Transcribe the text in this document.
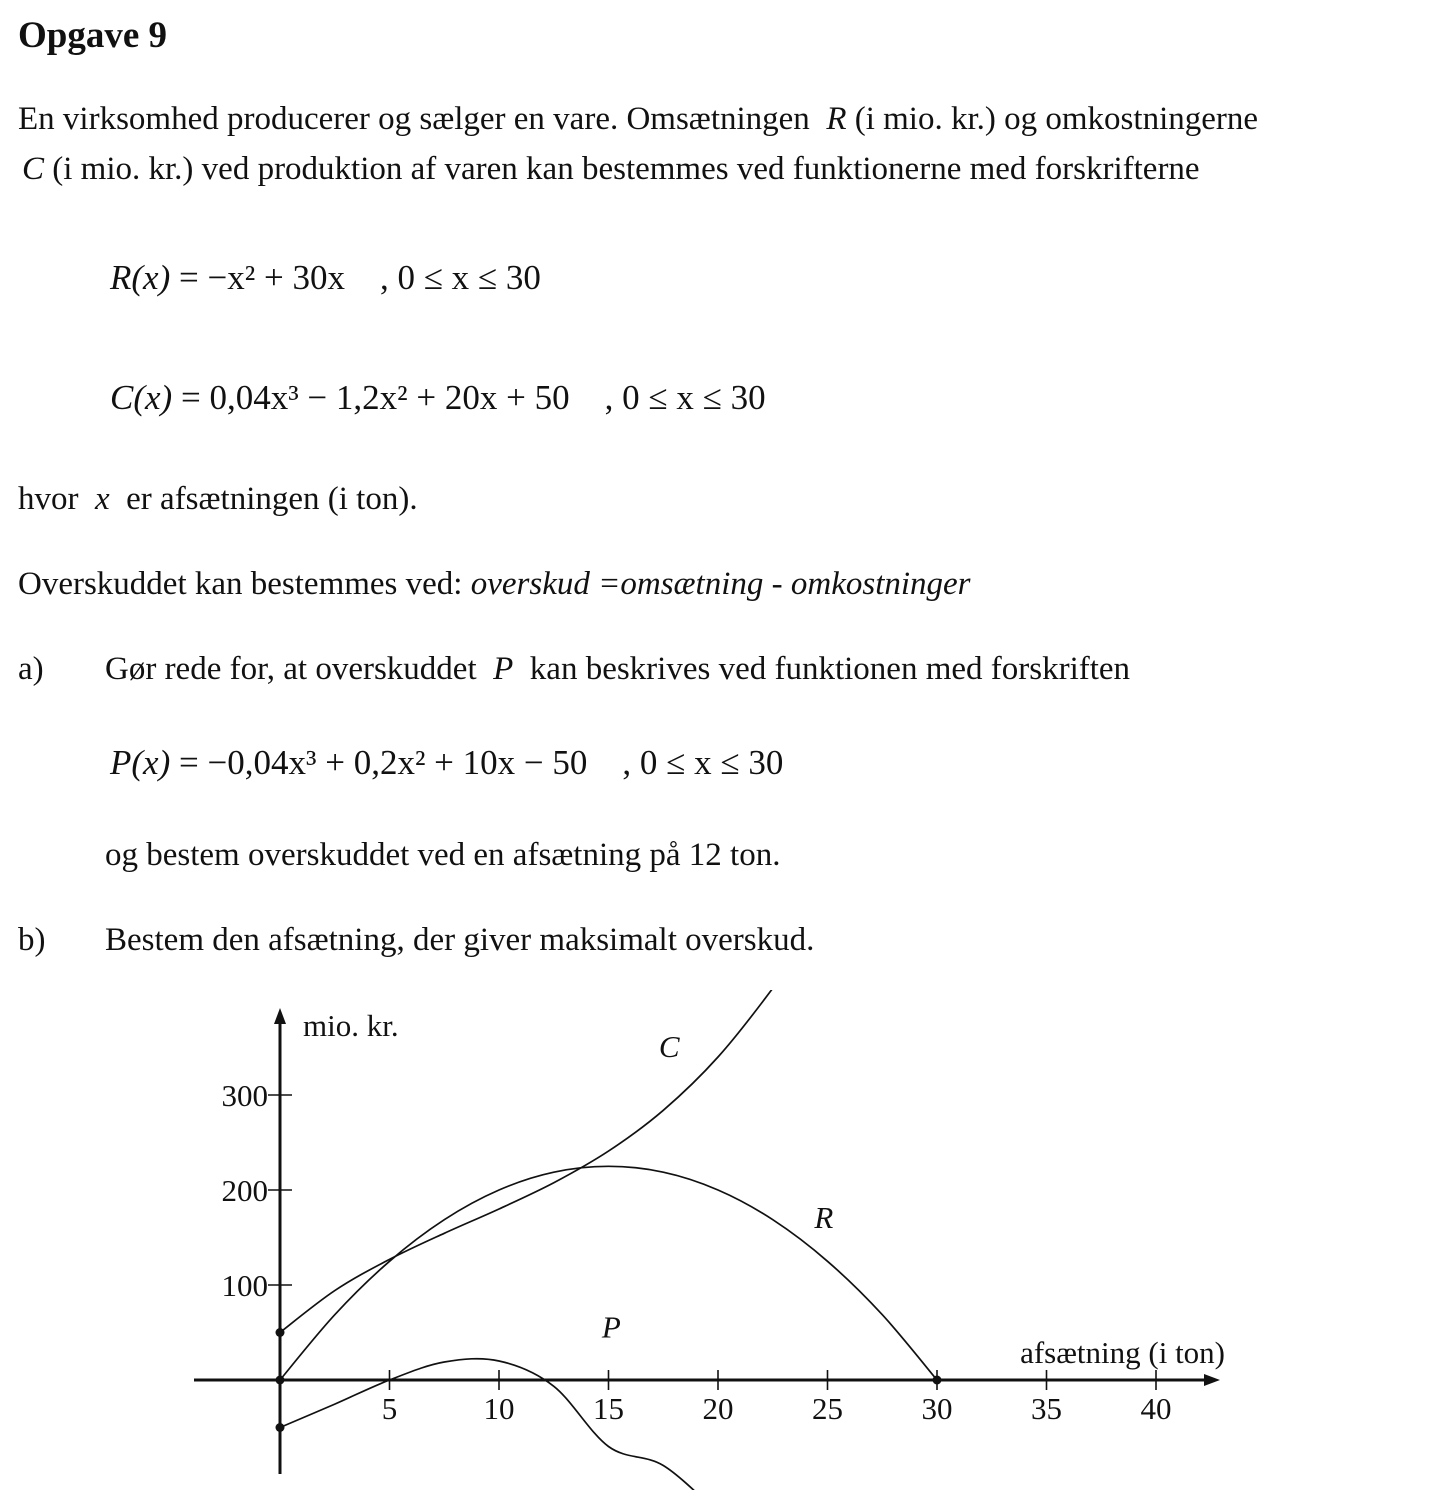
Opgave 9
En virksomhed producerer og sælger en vare. Omsætningen R (i mio. kr.) og omkostningerne
C (i mio. kr.) ved produktion af varen kan bestemmes ved funktionerne med forskrifterne
R(x) = −x² + 30x , 0 ≤ x ≤ 30
C(x) = 0,04x³ − 1,2x² + 20x + 50 , 0 ≤ x ≤ 30
hvor x er afsætningen (i ton).
Overskuddet kan bestemmes ved: overskud =omsætning - omkostninger
a) Gør rede for, at overskuddet P kan beskrives ved funktionen med forskriften
P(x) = −0,04x³ + 0,2x² + 10x − 50 , 0 ≤ x ≤ 30
og bestem overskuddet ved en afsætning på 12 ton.
b) Bestem den afsætning, der giver maksimalt overskud.
5	10	15	20	25	30	35	40
100
200
300
mio. kr.
afsætning (i ton)
C
R
P
